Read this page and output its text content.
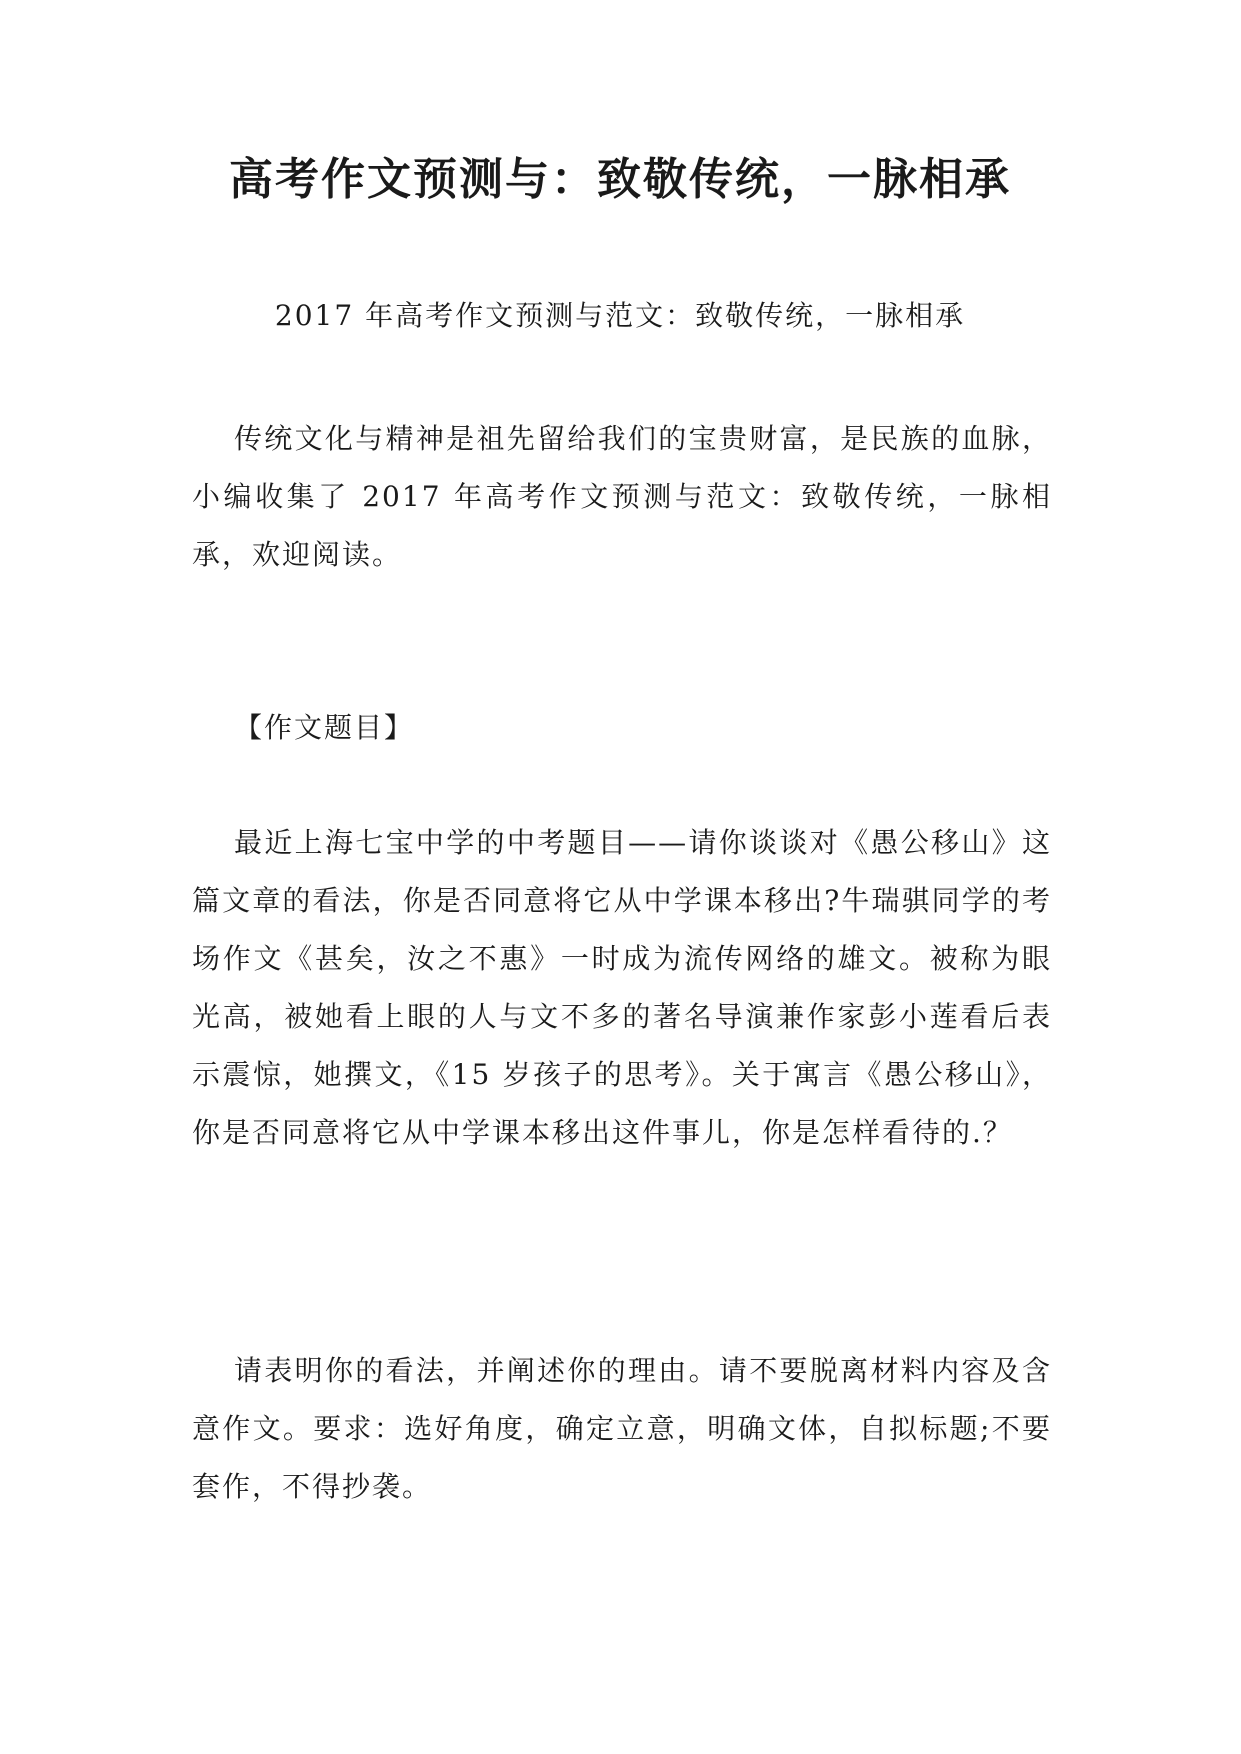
高考作文预测与：致敬传统，一脉相承

2017 年高考作文预测与范文：致敬传统，一脉相承

传统文化与精神是祖先留给我们的宝贵财富，是民族的血脉，小编收集了 2017 年高考作文预测与范文：致敬传统，一脉相承，欢迎阅读。

【作文题目】

最近上海七宝中学的中考题目——请你谈谈对《愚公移山》这篇文章的看法，你是否同意将它从中学课本移出?牛瑞骐同学的考场作文《甚矣，汝之不惠》一时成为流传网络的雄文。被称为眼光高，被她看上眼的人与文不多的著名导演兼作家彭小莲看后表示震惊，她撰文，《15 岁孩子的思考》。关于寓言《愚公移山》，你是否同意将它从中学课本移出这件事儿，你是怎样看待的.？

请表明你的看法，并阐述你的理由。请不要脱离材料内容及含意作文。要求：选好角度，确定立意，明确文体，自拟标题;不要套作，不得抄袭。
